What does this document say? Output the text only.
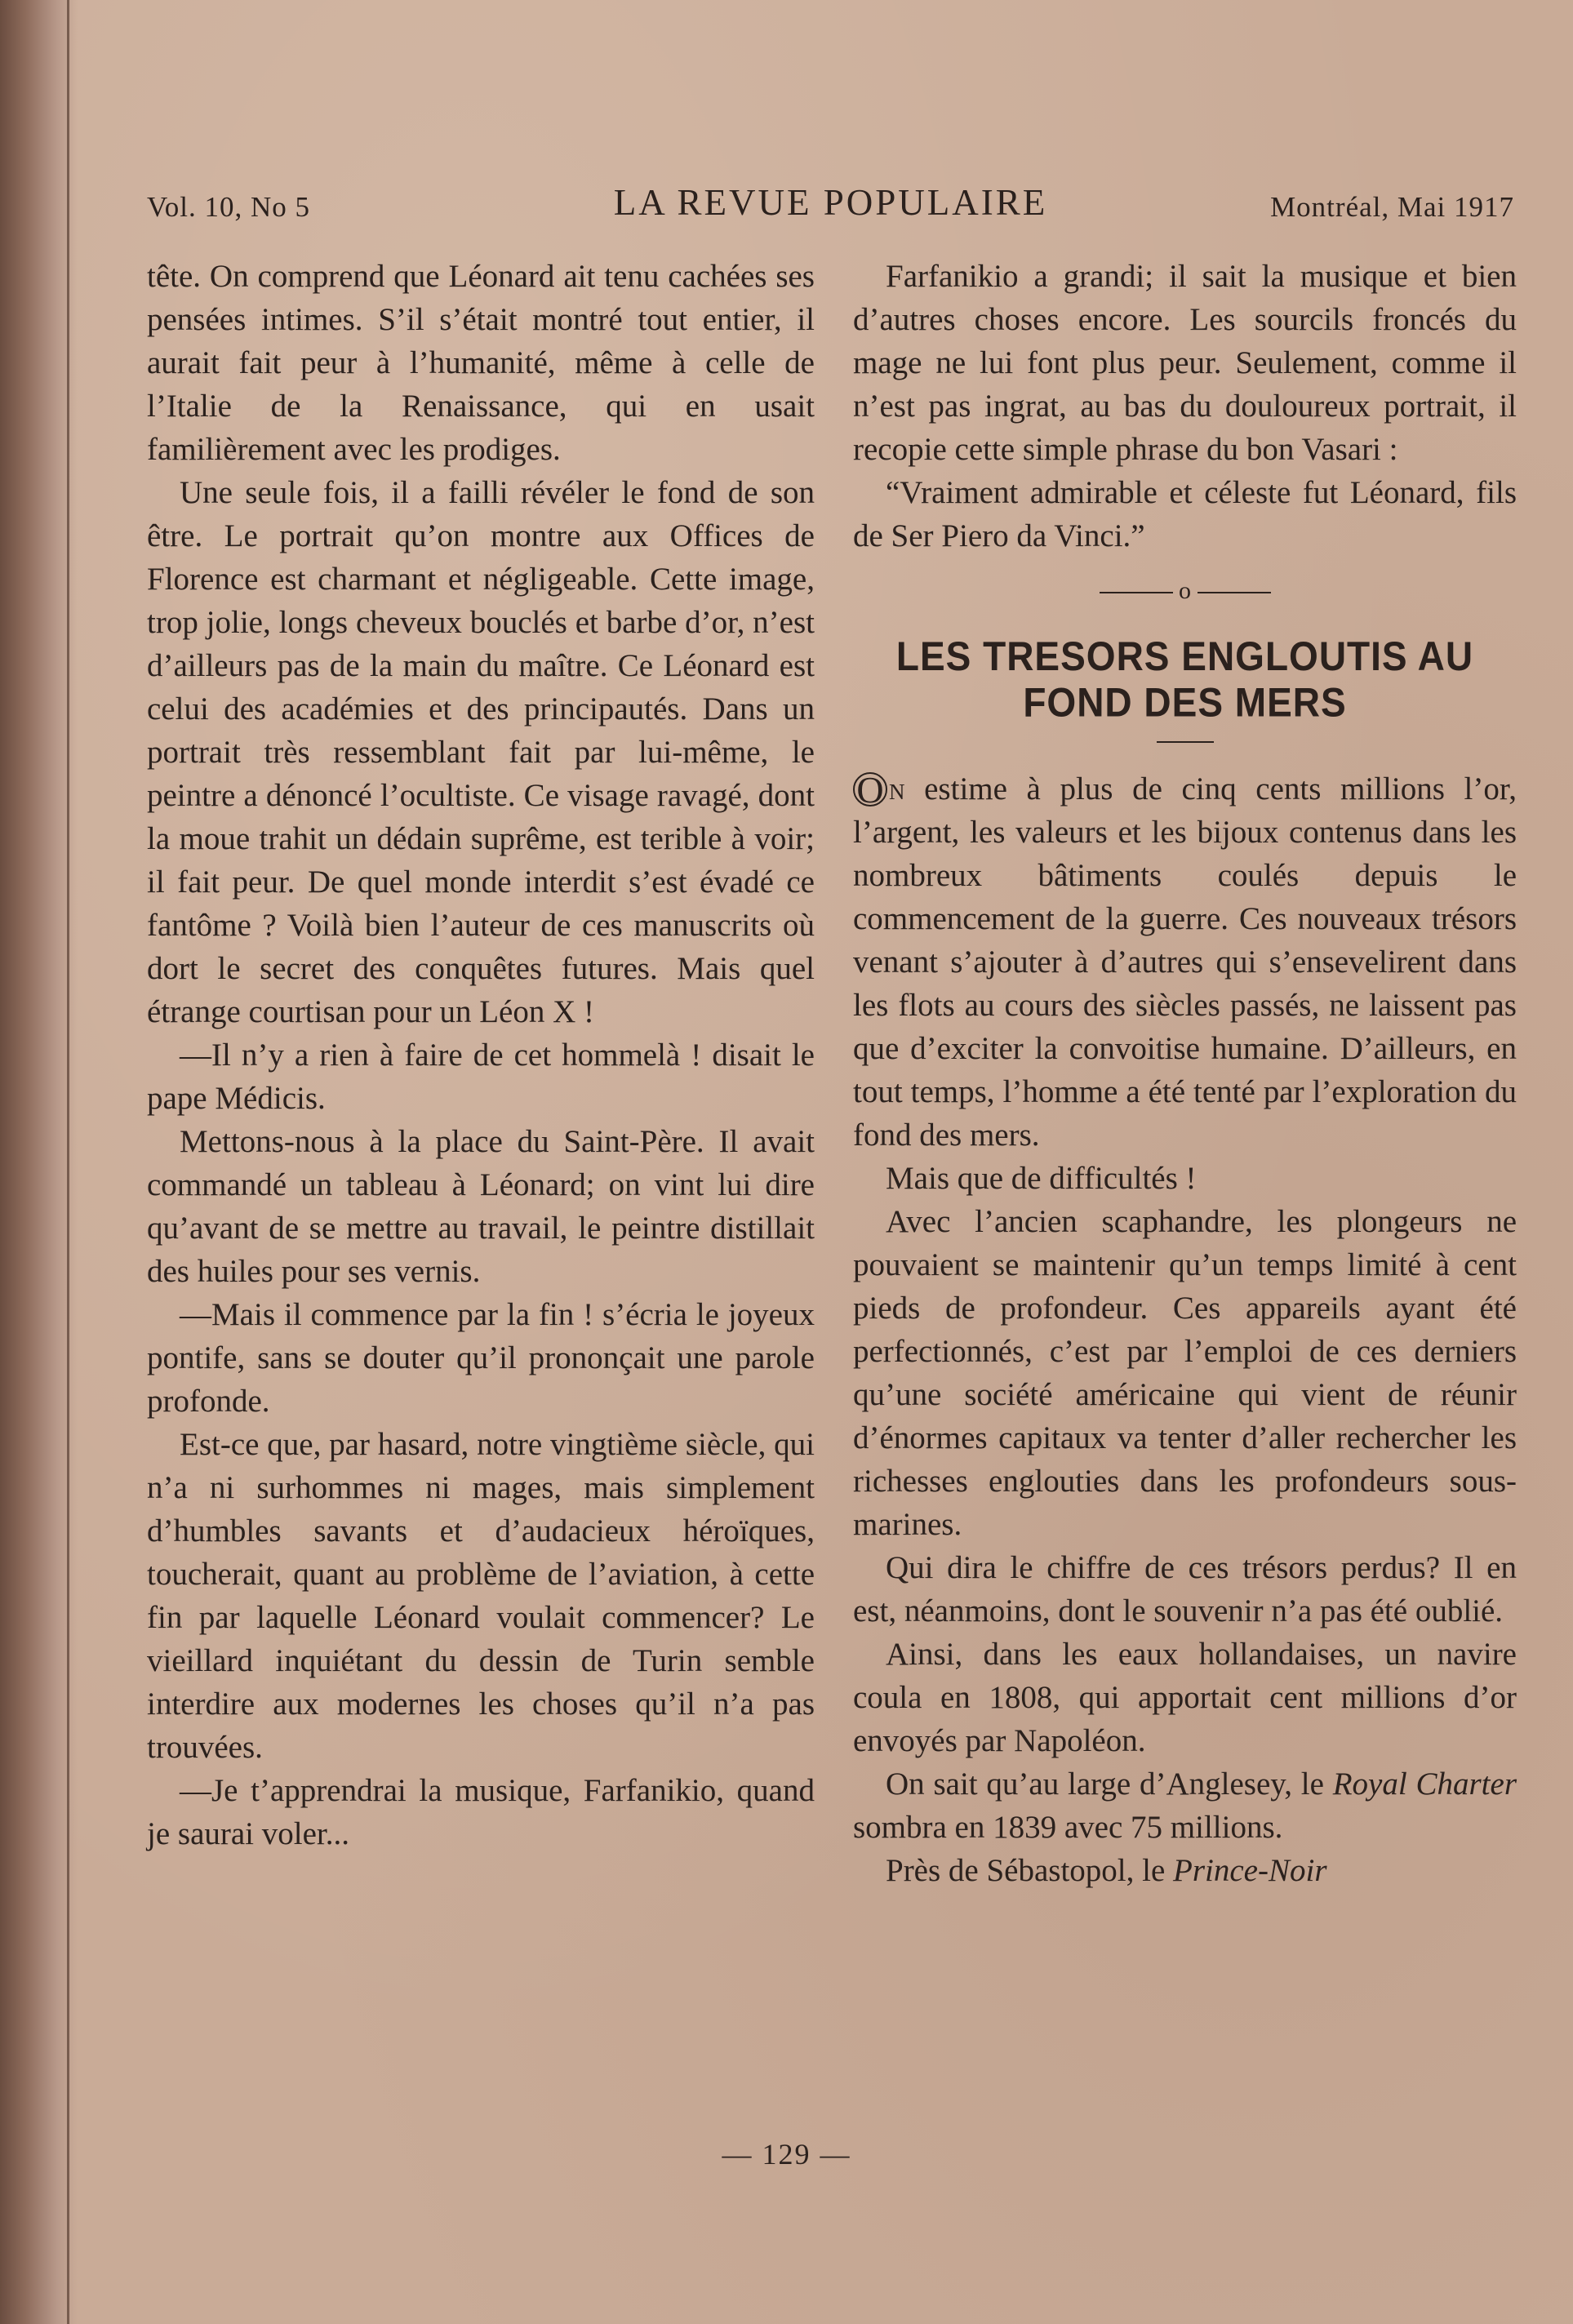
Vol. 10, No 5	LA REVUE POPULAIRE	Montréal, Mai 1917

tête. On comprend que Léonard ait tenu cachées ses pensées intimes. S’il s’était montré tout entier, il aurait fait peur à l’humanité, même à celle de l’Italie de la Renaissance, qui en usait familièrement avec les prodiges.

Une seule fois, il a failli révéler le fond de son être. Le portrait qu’on montre aux Offices de Florence est charmant et négligeable. Cette image, trop jolie, longs cheveux bouclés et barbe d’or, n’est d’ailleurs pas de la main du maître. Ce Léonard est celui des académies et des principautés. Dans un portrait très ressemblant fait par lui-même, le peintre a dénoncé l’ocultiste. Ce visage ravagé, dont la moue trahit un dédain suprême, est terible à voir; il fait peur. De quel monde interdit s’est évadé ce fantôme ? Voilà bien l’auteur de ces manuscrits où dort le secret des conquêtes futures. Mais quel étrange courtisan pour un Léon X !

—Il n’y a rien à faire de cet hommelà ! disait le pape Médicis.

Mettons-nous à la place du Saint-Père. Il avait commandé un tableau à Léonard; on vint lui dire qu’avant de se mettre au travail, le peintre distillait des huiles pour ses vernis.

—Mais il commence par la fin ! s’écria le joyeux pontife, sans se douter qu’il prononçait une parole profonde.

Est-ce que, par hasard, notre vingtième siècle, qui n’a ni surhommes ni mages, mais simplement d’humbles savants et d’audacieux héroïques, toucherait, quant au problème de l’aviation, à cette fin par laquelle Léonard voulait commencer? Le vieillard inquiétant du dessin de Turin semble interdire aux modernes les choses qu’il n’a pas trouvées.

—Je t’apprendrai la musique, Farfanikio, quand je saurai voler...

Farfanikio a grandi; il sait la musique et bien d’autres choses encore. Les sourcils froncés du mage ne lui font plus peur. Seulement, comme il n’est pas ingrat, au bas du douloureux portrait, il recopie cette simple phrase du bon Vasari :

“Vraiment admirable et céleste fut Léonard, fils de Ser Piero da Vinci.”

o
LES TRESORS ENGLOUTIS AU
FOND DES MERS

O n estime à plus de cinq cents millions l’or, l’argent, les valeurs et les bijoux contenus dans les nombreux bâtiments coulés depuis le commencement de la guerre. Ces nouveaux trésors venant s’ajouter à d’autres qui s’ensevelirent dans les flots au cours des siècles passés, ne laissent pas que d’exciter la convoitise humaine. D’ailleurs, en tout temps, l’homme a été tenté par l’exploration du fond des mers.

Mais que de difficultés !

Avec l’ancien scaphandre, les plongeurs ne pouvaient se maintenir qu’un temps limité à cent pieds de profondeur. Ces appareils ayant été perfectionnés, c’est par l’emploi de ces derniers qu’une société américaine qui vient de réunir d’énormes capitaux va tenter d’aller rechercher les richesses englouties dans les profondeurs sous-marines.

Qui dira le chiffre de ces trésors perdus? Il en est, néanmoins, dont le souvenir n’a pas été oublié.

Ainsi, dans les eaux hollandaises, un navire coula en 1808, qui apportait cent millions d’or envoyés par Napoléon.

On sait qu’au large d’Anglesey, le Royal Charter sombra en 1839 avec 75 millions.

Près de Sébastopol, le Prince-Noir

— 129 —
